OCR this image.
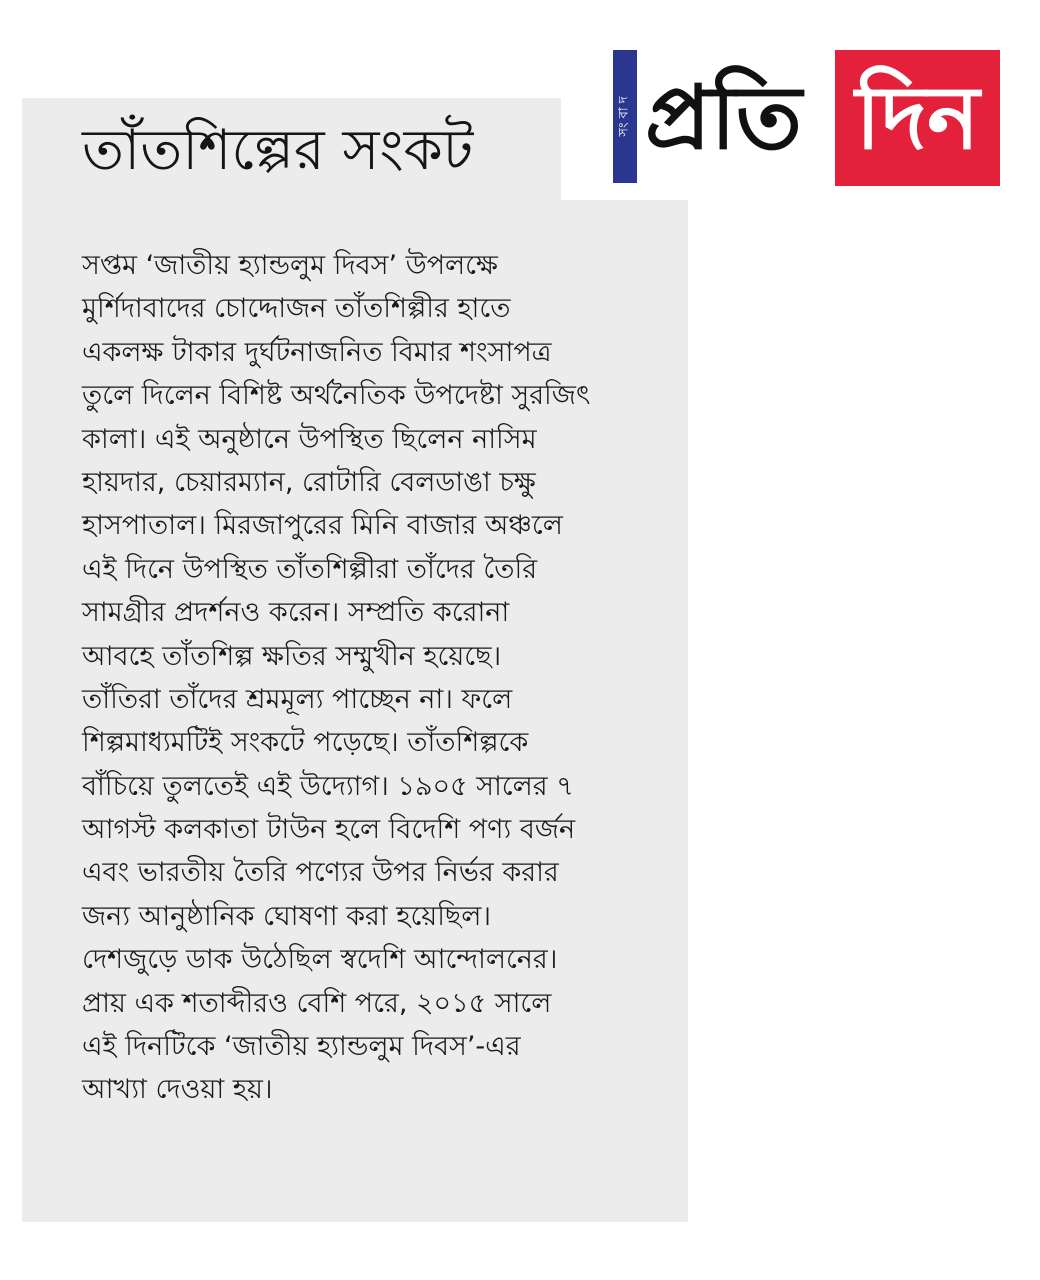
তাঁতশিল্পের সংকট

সপ্তম ‘জাতীয় হ্যান্ডলুম দিবস’ উপলক্ষে
মুর্শিদাবাদের চোদ্দোজন তাঁতশিল্পীর হাতে
একলক্ষ টাকার দুর্ঘটনাজনিত বিমার শংসাপত্র
তুলে দিলেন বিশিষ্ট অর্থনৈতিক উপদেষ্টা সুরজিৎ
কালা। এই অনুষ্ঠানে উপস্থিত ছিলেন নাসিম
হায়দার, চেয়ারম্যান, রোটারি বেলডাঙা চক্ষু
হাসপাতাল। মিরজাপুরের মিনি বাজার অঞ্চলে
এই দিনে উপস্থিত তাঁতশিল্পীরা তাঁদের তৈরি
সামগ্রীর প্রদর্শনও করেন। সম্প্রতি করোনা
আবহে তাঁতশিল্প ক্ষতির সম্মুখীন হয়েছে।
তাঁতিরা তাঁদের শ্রমমূল্য পাচ্ছেন না। ফলে
শিল্পমাধ্যমটিই সংকটে পড়েছে। তাঁতশিল্পকে
বাঁচিয়ে তুলতেই এই উদ্যোগ। ১৯০৫ সালের ৭
আগস্ট কলকাতা টাউন হলে বিদেশি পণ্য বর্জন
এবং ভারতীয় তৈরি পণ্যের উপর নির্ভর করার
জন্য আনুষ্ঠানিক ঘোষণা করা হয়েছিল।
দেশজুড়ে ডাক উঠেছিল স্বদেশি আন্দোলনের।
প্রায় এক শতাব্দীরও বেশি পরে, ২০১৫ সালে
এই দিনটিকে ‘জাতীয় হ্যান্ডলুম দিবস’-এর
আখ্যা দেওয়া হয়।

সং বা দ প্রতি দিন
